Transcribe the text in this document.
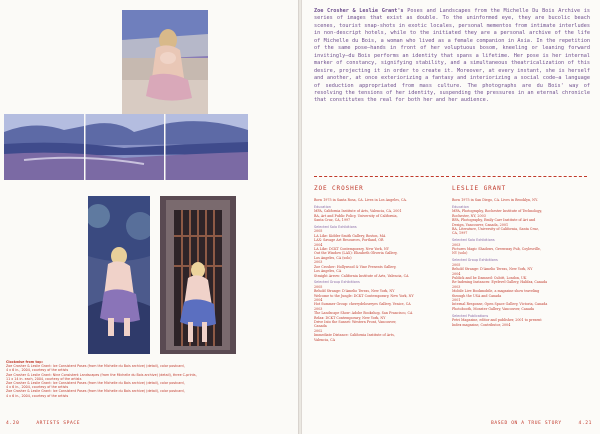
Clockwise from top:
Zoe Crosher & Leslie Grant: Ice Consistent Poses (from the Michelle du Bois archive) (detail), color postcard,
4 x 6 in., 2004, courtesy of the artists
Zoe Crosher & Leslie Grant: Nine Consistent Landscapes (from the Michelle du Bois archive) (detail), three C-prints,
11 x 14 in. each, 2004, courtesy of the artists
Zoe Crosher & Leslie Grant: Ice Consistent Poses (from the Michelle du Bois archive) (detail), color postcard,
4 x 6 in., 2004, courtesy of the artists
Zoe Crosher & Leslie Grant: Ice Consistent Poses (from the Michelle du Bois archive) (detail), color postcard,
4 x 6 in., 2004, courtesy of the artists
4.20	ARTISTS SPACE
Zoe Crosher & Leslie Grant's Poses and Landscapes from the Michelle Du Bois Archive is series of images that exist as double. To the uninformed eye, they are bucolic beach scenes, tourist snap-shots in exotic locales, personal mementos from intimate interludes in non-descript hotels, while to the initiated they are a personal archive of the life of Michelle du Bois, a woman who lived as a female companion in Asia. In the repetition of the same pose—hands in front of her voluptuous bosom, kneeling or leaning forward invitingly—du Bois performs an identity that spans a lifetime. Her pose is her internal marker of constancy, signifying stability, and a simultaneous theatricalization of this desire, projecting it in order to create it. Moreover, at every instant, she is herself and another, at once exteriorizing a fantasy and interiorizing a social code—a language of seduction appropriated from mass culture. The photographs are du Bois' way of resolving the tensions of her identity, suspending the pressures in an eternal chronicle that constitutes the real for both her and her audience.
ZOE CROSHER
Born 1975 in Santa Rosa, CA. Lives in Los Angeles, CA.
Education
MFA, California Institute of Arts, Valencia, CA, 2001
BA, Art and Public Policy, University of California,
Santa Cruz, CA, 1997
Selected Solo Exhibitions
2005
LA Like: Kidder Smith Gallery, Boston, MA
LAX: Savage Art Resources, Portland, OR
2004
LA Like: DCKT Contemporary, New York, NY
Out the Window (LAX): Elizabeth Oliveria Gallery,
Los Angeles, CA (solo)
2003
Zoe Crosher: Hollywood & Vine Presents Gallery,
Los Angeles, CA
Straight Arrow: California Institute of Arts, Valencia, CA
Selected Group Exhibitions
2005
Behold Strange: D'Amelio Terras, New York, NY
Welcome to the Jungle: DCKT Contemporary, New York, NY
2004
Hot Summer Group: cherrydelosreyes Gallery, Venice, CA
2003
The Landscape Show: Adobe Bookshop, San Francisco, CA
Relax: DCKT Contemporary, New York, NY
Drive Into the Sunset: Western Front, Vancouver,
Canada
2002
Immediate Distance: California Institute of Arts,
Valencia, CA
LESLIE GRANT
Born 1975 in San Diego, CA. Lives in Brooklyn, NY.
Education
MFA, Photography, Rochester Institute of Technology,
Rochester, NY, 2003
BFA, Photography, Emily Carr Institute of Art and
Design, Vancouver, Canada, 2001
BA, Literature, University of California, Santa Cruz,
CA, 1997
Selected Solo Exhibitions
2003
Pictures Magic Shadows, Greenway Pub, Coylesville,
NY (solo)
Selected Group Exhibitions
2005
Behold Strange: D'Amelio Terras, New York, NY
2004
Publick and be Damned: Cubitt, London, UK
Re-Indexing Instances: Eyelevel Gallery, Halifax, Canada
2003
Mobile Live Bookmobile, a magazine show traveling
through the USA and Canada
2001
Internal Response, Open Space Gallery, Victoria, Canada
Photobooth, Monster Gallery, Vancouver, Canada
Selected Publications
Petri Magazine, editor and publisher, 2001 to present
Index magazine, Contributor, 2004
BASED ON A TRUE STORY	4.21
